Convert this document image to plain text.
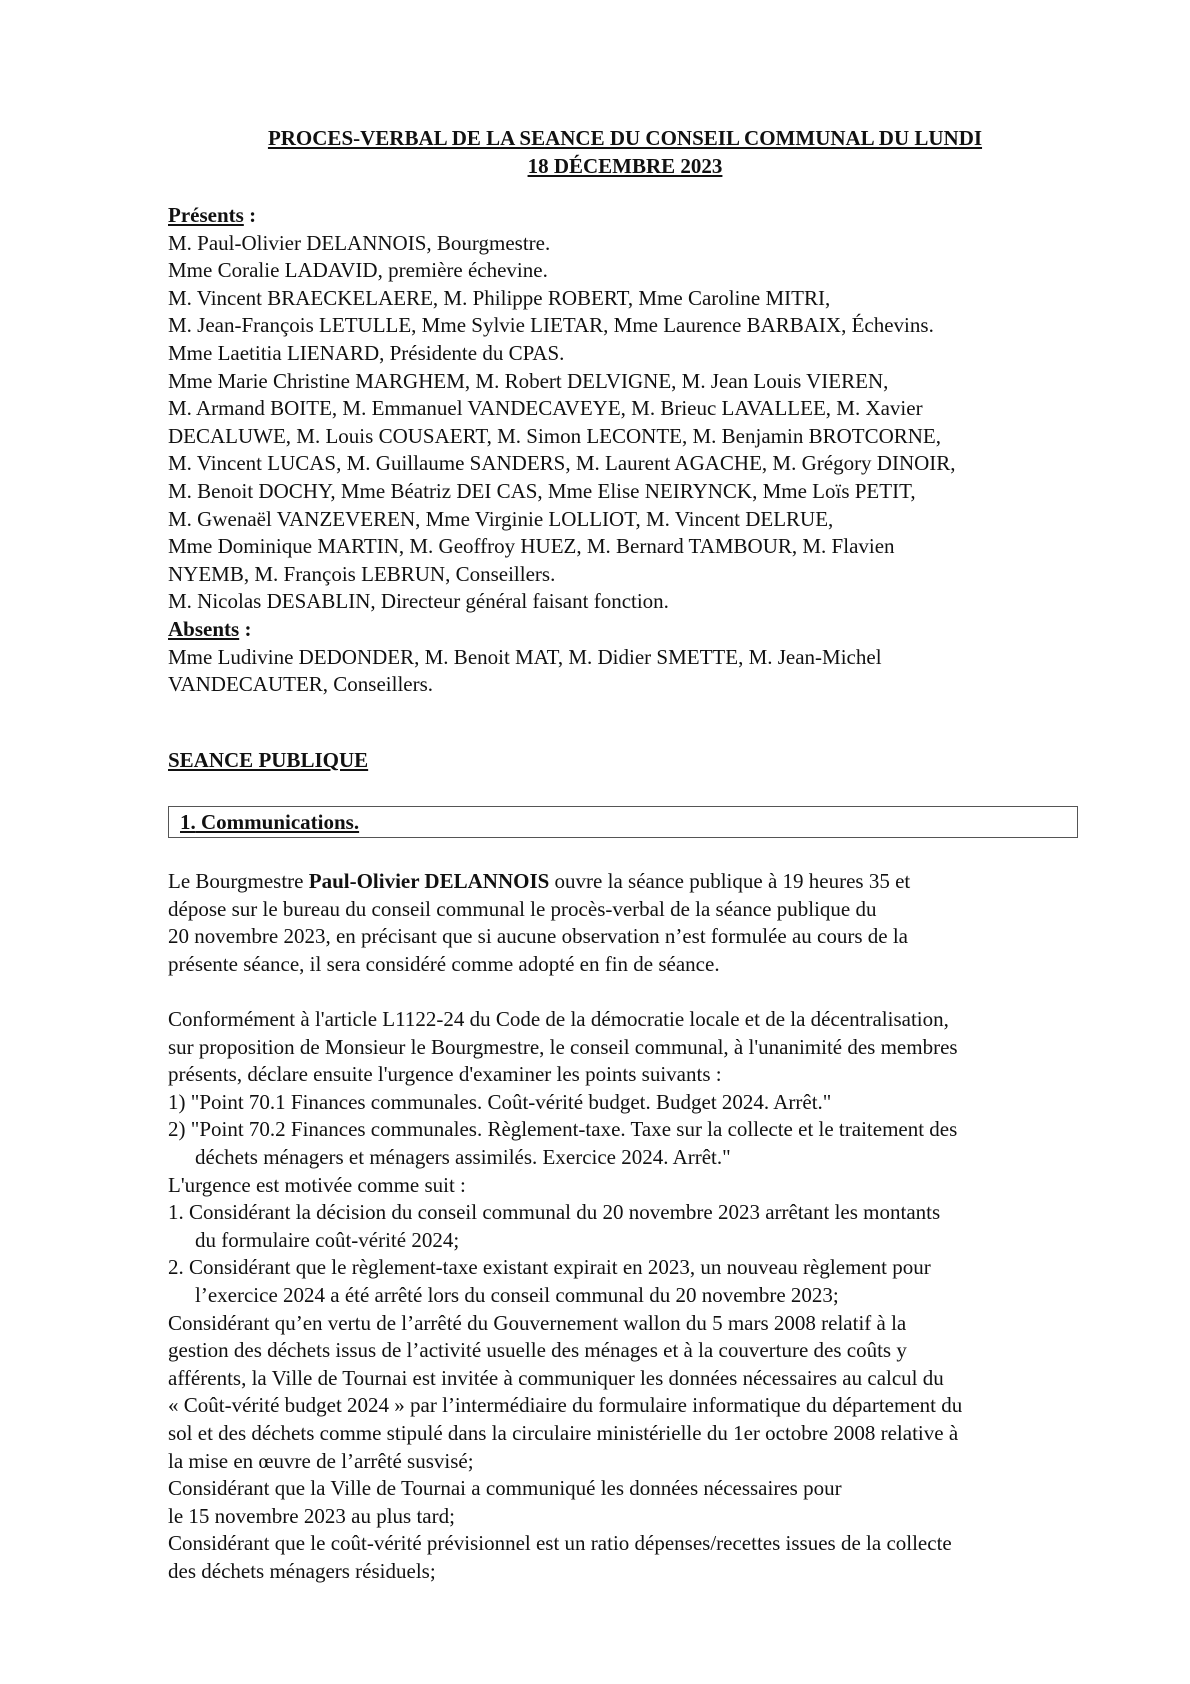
PROCES-VERBAL DE LA SEANCE DU CONSEIL COMMUNAL DU LUNDI
18 DÉCEMBRE 2023
Présents :
M. Paul-Olivier DELANNOIS, Bourgmestre.
Mme Coralie LADAVID, première échevine.
M. Vincent BRAECKELAERE, M. Philippe ROBERT, Mme Caroline MITRI,
M. Jean-François LETULLE, Mme Sylvie LIETAR, Mme Laurence BARBAIX, Échevins.
Mme Laetitia LIENARD, Présidente du CPAS.
Mme Marie Christine MARGHEM, M. Robert DELVIGNE, M. Jean Louis VIEREN,
M. Armand BOITE, M. Emmanuel VANDECAVEYE, M. Brieuc LAVALLEE, M. Xavier
DECALUWE, M. Louis COUSAERT, M. Simon LECONTE, M. Benjamin BROTCORNE,
M. Vincent LUCAS, M. Guillaume SANDERS, M. Laurent AGACHE, M. Grégory DINOIR,
M. Benoit DOCHY, Mme Béatriz DEI CAS, Mme Elise NEIRYNCK, Mme Loïs PETIT,
M. Gwenaël VANZEVEREN, Mme Virginie LOLLIOT, M. Vincent DELRUE,
Mme Dominique MARTIN, M. Geoffroy HUEZ, M. Bernard TAMBOUR, M. Flavien
NYEMB, M. François LEBRUN, Conseillers.
M. Nicolas DESABLIN, Directeur général faisant fonction.
Absents :
Mme Ludivine DEDONDER, M. Benoit MAT, M. Didier SMETTE, M. Jean-Michel
VANDECAUTER, Conseillers.
SEANCE PUBLIQUE
1. Communications.
Le Bourgmestre Paul-Olivier DELANNOIS ouvre la séance publique à 19 heures 35 et
dépose sur le bureau du conseil communal le procès-verbal de la séance publique du
20 novembre 2023, en précisant que si aucune observation n’est formulée au cours de la
présente séance, il sera considéré comme adopté en fin de séance.
Conformément à l'article L1122-24 du Code de la démocratie locale et de la décentralisation,
sur proposition de Monsieur le Bourgmestre, le conseil communal, à l'unanimité des membres
présents, déclare ensuite l'urgence d'examiner les points suivants :
1) "Point 70.1 Finances communales. Coût-vérité budget. Budget 2024. Arrêt."
2) "Point 70.2 Finances communales. Règlement-taxe. Taxe sur la collecte et le traitement des
déchets ménagers et ménagers assimilés. Exercice 2024. Arrêt."
L'urgence est motivée comme suit :
1. Considérant la décision du conseil communal du 20 novembre 2023 arrêtant les montants
du formulaire coût-vérité 2024;
2. Considérant que le règlement-taxe existant expirait en 2023, un nouveau règlement pour
l’exercice 2024 a été arrêté lors du conseil communal du 20 novembre 2023;
Considérant qu’en vertu de l’arrêté du Gouvernement wallon du 5 mars 2008 relatif à la
gestion des déchets issus de l’activité usuelle des ménages et à la couverture des coûts y
afférents, la Ville de Tournai est invitée à communiquer les données nécessaires au calcul du
« Coût-vérité budget 2024 » par l’intermédiaire du formulaire informatique du département du
sol et des déchets comme stipulé dans la circulaire ministérielle du 1er octobre 2008 relative à
la mise en œuvre de l’arrêté susvisé;
Considérant que la Ville de Tournai a communiqué les données nécessaires pour
le 15 novembre 2023 au plus tard;
Considérant que le coût-vérité prévisionnel est un ratio dépenses/recettes issues de la collecte
des déchets ménagers résiduels;
